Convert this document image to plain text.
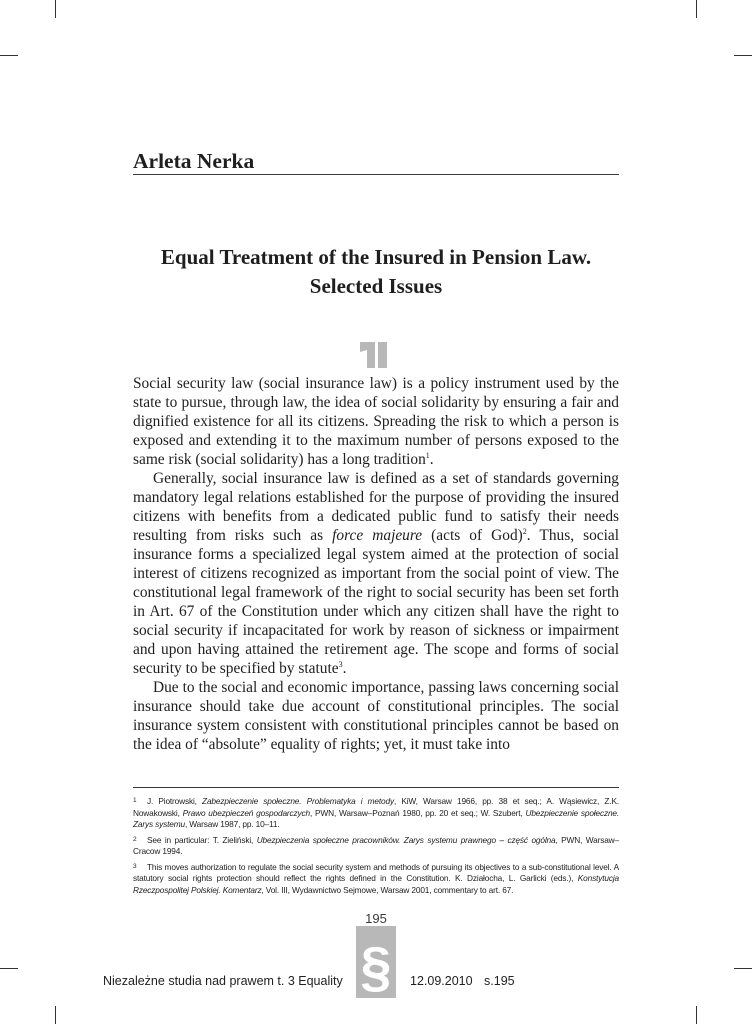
Arleta Nerka
Equal Treatment of the Insured in Pension Law.
Selected Issues
1

Social security law (social insurance law) is a policy instrument used by the state to pursue, through law, the idea of social solidarity by ensuring a fair and dignified existence for all its citizens. Spreading the risk to which a person is exposed and extending it to the maximum number of persons exposed to the same risk (social solidarity) has a long tradition$^1$.

Generally, social insurance law is defined as a set of standards governing mandatory legal relations established for the purpose of providing the insured citizens with benefits from a dedicated public fund to satisfy their needs resulting from risks such as force majeure (acts of God)$^2$. Thus, social insurance forms a specialized legal system aimed at the protection of social interest of citizens recognized as important from the social point of view. The constitutional legal framework of the right to social security has been set forth in Art. 67 of the Constitution under which any citizen shall have the right to social security if incapacitated for work by reason of sickness or impairment and upon having attained the retirement age. The scope and forms of social security to be specified by statute$^3$.

Due to the social and economic importance, passing laws concerning social insurance should take due account of constitutional principles. The social insurance system consistent with constitutional principles cannot be based on the idea of “absolute” equality of rights; yet, it must take into

1 J. Piotrowski, Zabezpieczenie społeczne. Problematyka i metody, KiW, Warsaw 1966, pp. 38 et seq.; A. Wąsiewicz, Z.K. Nowakowski, Prawo ubezpieczeń gospodarczych, PWN, Warsaw–Poznań 1980, pp. 20 et seq.; W. Szubert, Ubezpieczenie społeczne. Zarys systemu, Warsaw 1987, pp. 10–11.

2 See in particular: T. Zieliński, Ubezpieczenia społeczne pracowników. Zarys systemu prawnego – część ogólna, PWN, Warsaw–Cracow 1994.

3 This moves authorization to regulate the social security system and methods of pursuing its objectives to a sub-constitutional level. A statutory social rights protection should reflect the rights defined in the Constitution. K. Działocha, L. Garlicki (eds.), Konstytucja Rzeczpospolitej Polskiej. Komentarz, Vol. III, Wydawnictwo Sejmowe, Warsaw 2001, commentary to art. 67.

195
§
Niezależne studia nad prawem t. 3 Equality	12.09.2010 s.195
